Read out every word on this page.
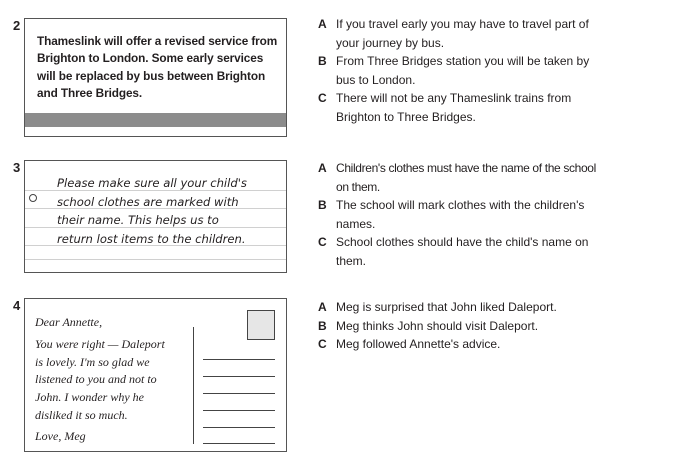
2
Thameslink will offer a revised service from Brighton to London. Some early services will be replaced by bus between Brighton and Three Bridges.
A If you travel early you may have to travel part of your journey by bus.
B From Three Bridges station you will be taken by bus to London.
C There will not be any Thameslink trains from Brighton to Three Bridges.
3
Please make sure all your child's
school clothes are marked with
their name. This helps us to
return lost items to the children.
A Children's clothes must have the name of the school on them.
B The school will mark clothes with the children's names.
C School clothes should have the child's name on them.
4
Dear Annette,
You were right — Daleport
is lovely. I'm so glad we
listened to you and not to
John. I wonder why he
disliked it so much.
Love, Meg
A Meg is surprised that John liked Daleport.
B Meg thinks John should visit Daleport.
C Meg followed Annette's advice.
